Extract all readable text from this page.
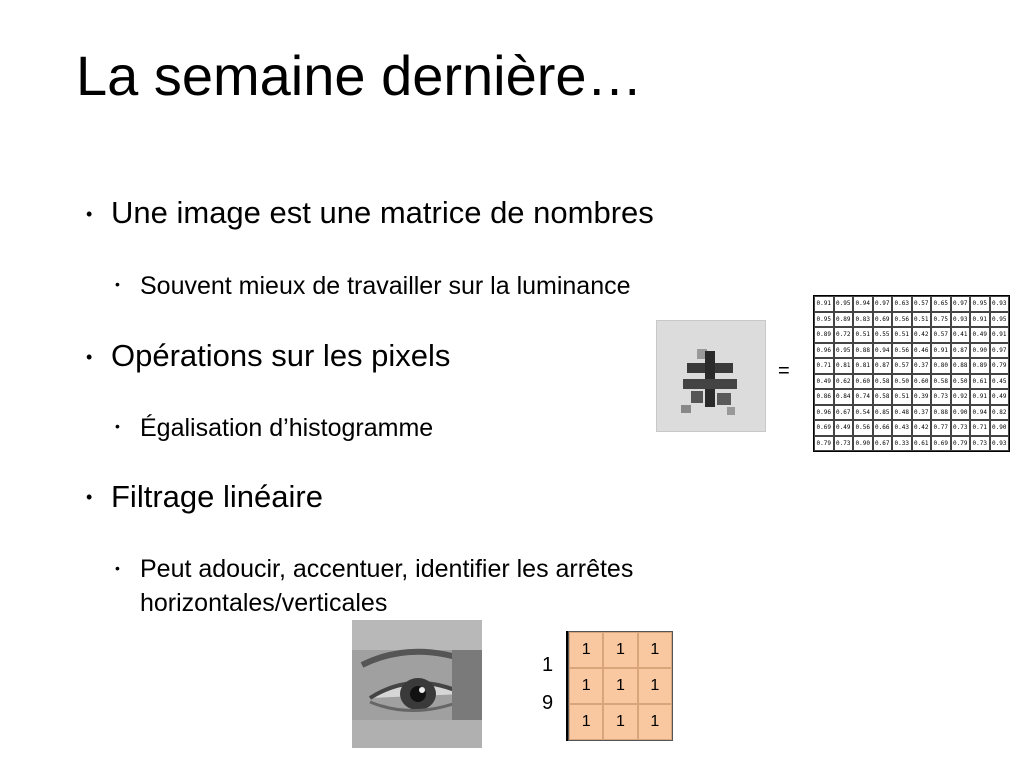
La semaine dernière…
• Une image est une matrice de nombres
• Souvent mieux de travailler sur la luminance
• Opérations sur les pixels
• Égalisation d’histogramme
• Filtrage linéaire
• Peut adoucir, accentuer, identifier les arrêtes horizontales/verticales
=
0.91 0.95 0.94 0.97 0.63 0.57 0.65 0.97 0.95 0.93
0.95 0.89 0.83 0.69 0.56 0.51 0.75 0.93 0.91 0.95
0.89 0.72 0.51 0.55 0.51 0.42 0.57 0.41 0.49 0.91
0.96 0.95 0.88 0.94 0.56 0.46 0.91 0.87 0.90 0.97
0.71 0.81 0.81 0.87 0.57 0.37 0.80 0.88 0.89 0.79
0.49 0.62 0.60 0.58 0.50 0.60 0.58 0.50 0.61 0.45
0.86 0.84 0.74 0.58 0.51 0.39 0.73 0.92 0.91 0.49
0.96 0.67 0.54 0.85 0.48 0.37 0.88 0.90 0.94 0.82
0.69 0.49 0.56 0.66 0.43 0.42 0.77 0.73 0.71 0.90
0.79 0.73 0.90 0.67 0.33 0.61 0.69 0.79 0.73 0.93
1
9
1	1	1
1	1	1
1	1	1
